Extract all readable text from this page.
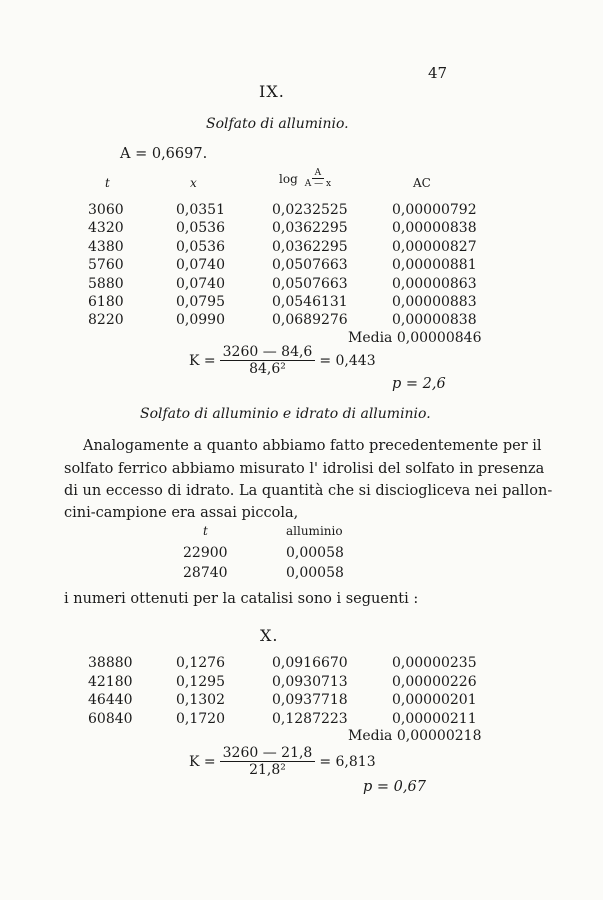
47
IX.
Solfato di alluminio.
A = 0,6697.
t	x	$\log \frac{A}{A — x}$	AC
3060	0,0351	0,0232525	0,00000792
4320	0,0536	0,0362295	0,00000838
4380	0,0536	0,0362295	0,00000827
5760	0,0740	0,0507663	0,00000881
5880	0,0740	0,0507663	0,00000863
6180	0,0795	0,0546131	0,00000883
8220	0,0990	0,0689276	0,00000838
Media 0,00000846
$K = \frac{3260 — 84,6}{\text{84,6²}} = 0,443$
p = 2,6
Solfato di alluminio e idrato di alluminio.

Analogamente a quanto abbiamo fatto precedentemente per il

solfato ferrico abbiamo misurato l' idrolisi del solfato in presenza

di un eccesso di idrato. La quantità che si disciogliceva nei pallon-

cini-campione era assai piccola,

t	alluminio
22900	0,00058
28740	0,00058
i numeri ottenuti per la catalisi sono i seguenti :
X.
38880	0,1276	0,0916670	0,00000235
42180	0,1295	0,0930713	0,00000226
46440	0,1302	0,0937718	0,00000201
60840	0,1720	0,1287223	0,00000211
Media 0,00000218
$K = \frac{3260 — 21,8}{\text{21,8²}} = 6,813$
p = 0,67
